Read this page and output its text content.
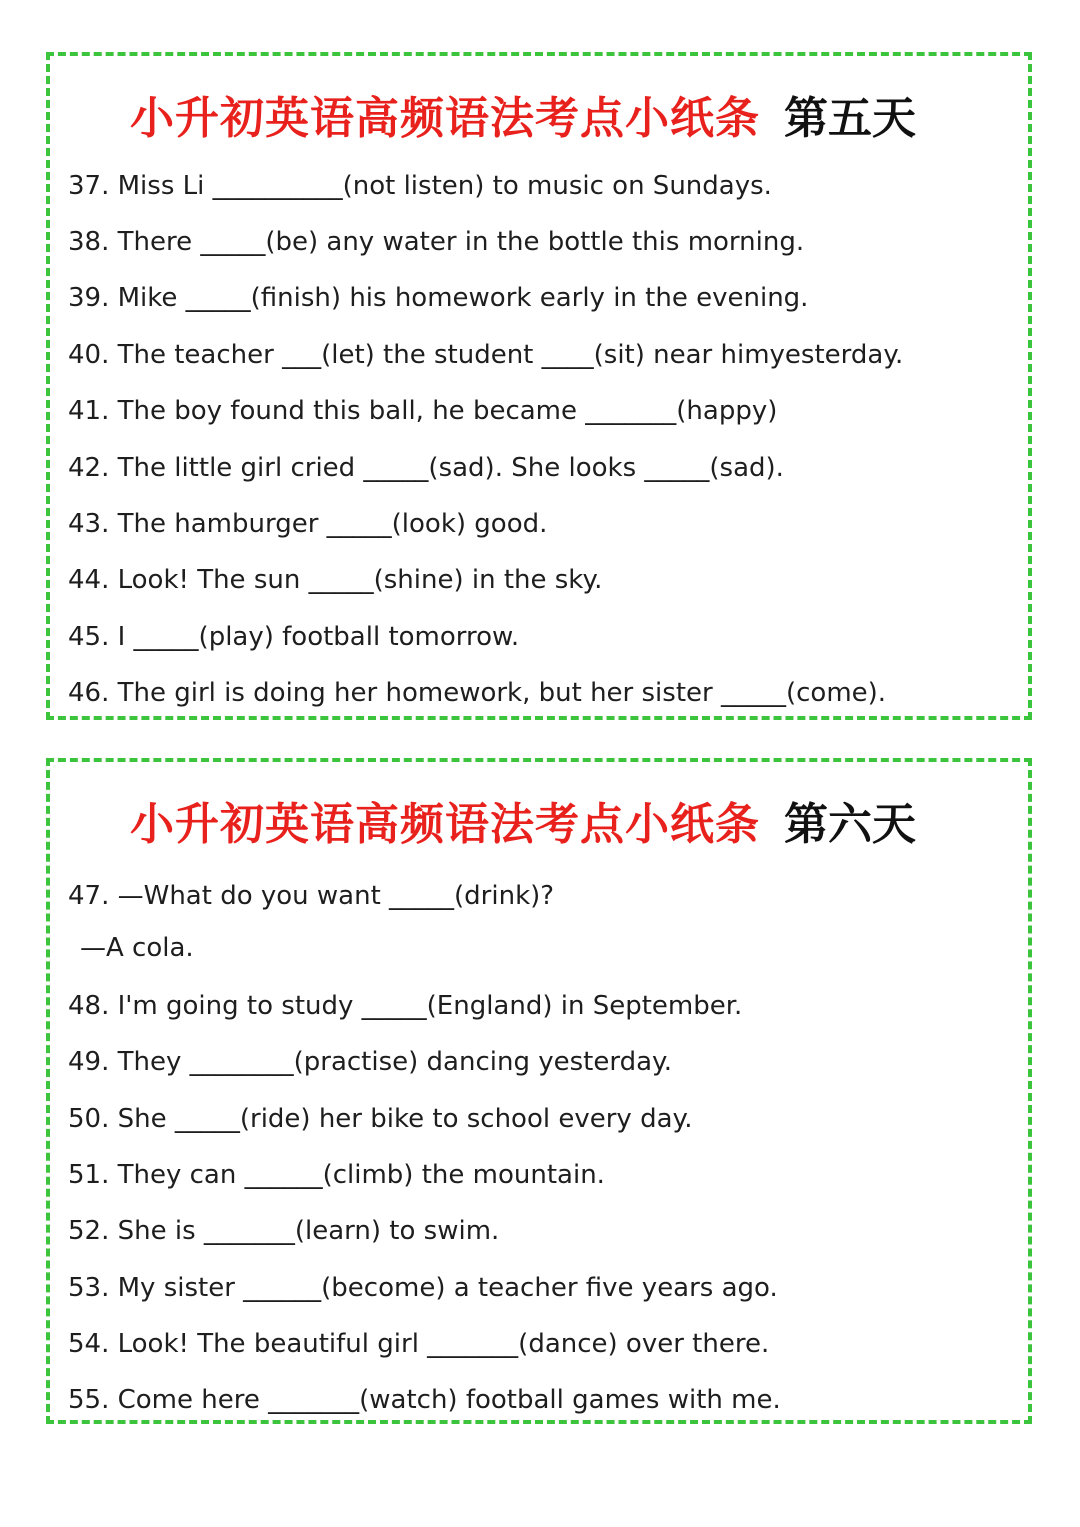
小升初英语高频语法考点小纸条 第五天
37. Miss Li __________(not listen) to music on Sundays.
38. There _____(be) any water in the bottle this morning.
39. Mike _____(finish) his homework early in the evening.
40. The teacher ___(let) the student ____(sit) near himyesterday.
41. The boy found this ball, he became _______(happy)
42. The little girl cried _____(sad). She looks _____(sad).
43. The hamburger _____(look) good.
44. Look! The sun _____(shine) in the sky.
45. I _____(play) football tomorrow.
46. The girl is doing her homework, but her sister _____(come).
小升初英语高频语法考点小纸条 第六天
47. —What do you want _____(drink)?
—A cola.
48. I'm going to study _____(England) in September.
49. They ________(practise) dancing yesterday.
50. She _____(ride) her bike to school every day.
51. They can ______(climb) the mountain.
52. She is _______(learn) to swim.
53. My sister ______(become) a teacher five years ago.
54. Look! The beautiful girl _______(dance) over there.
55. Come here _______(watch) football games with me.
